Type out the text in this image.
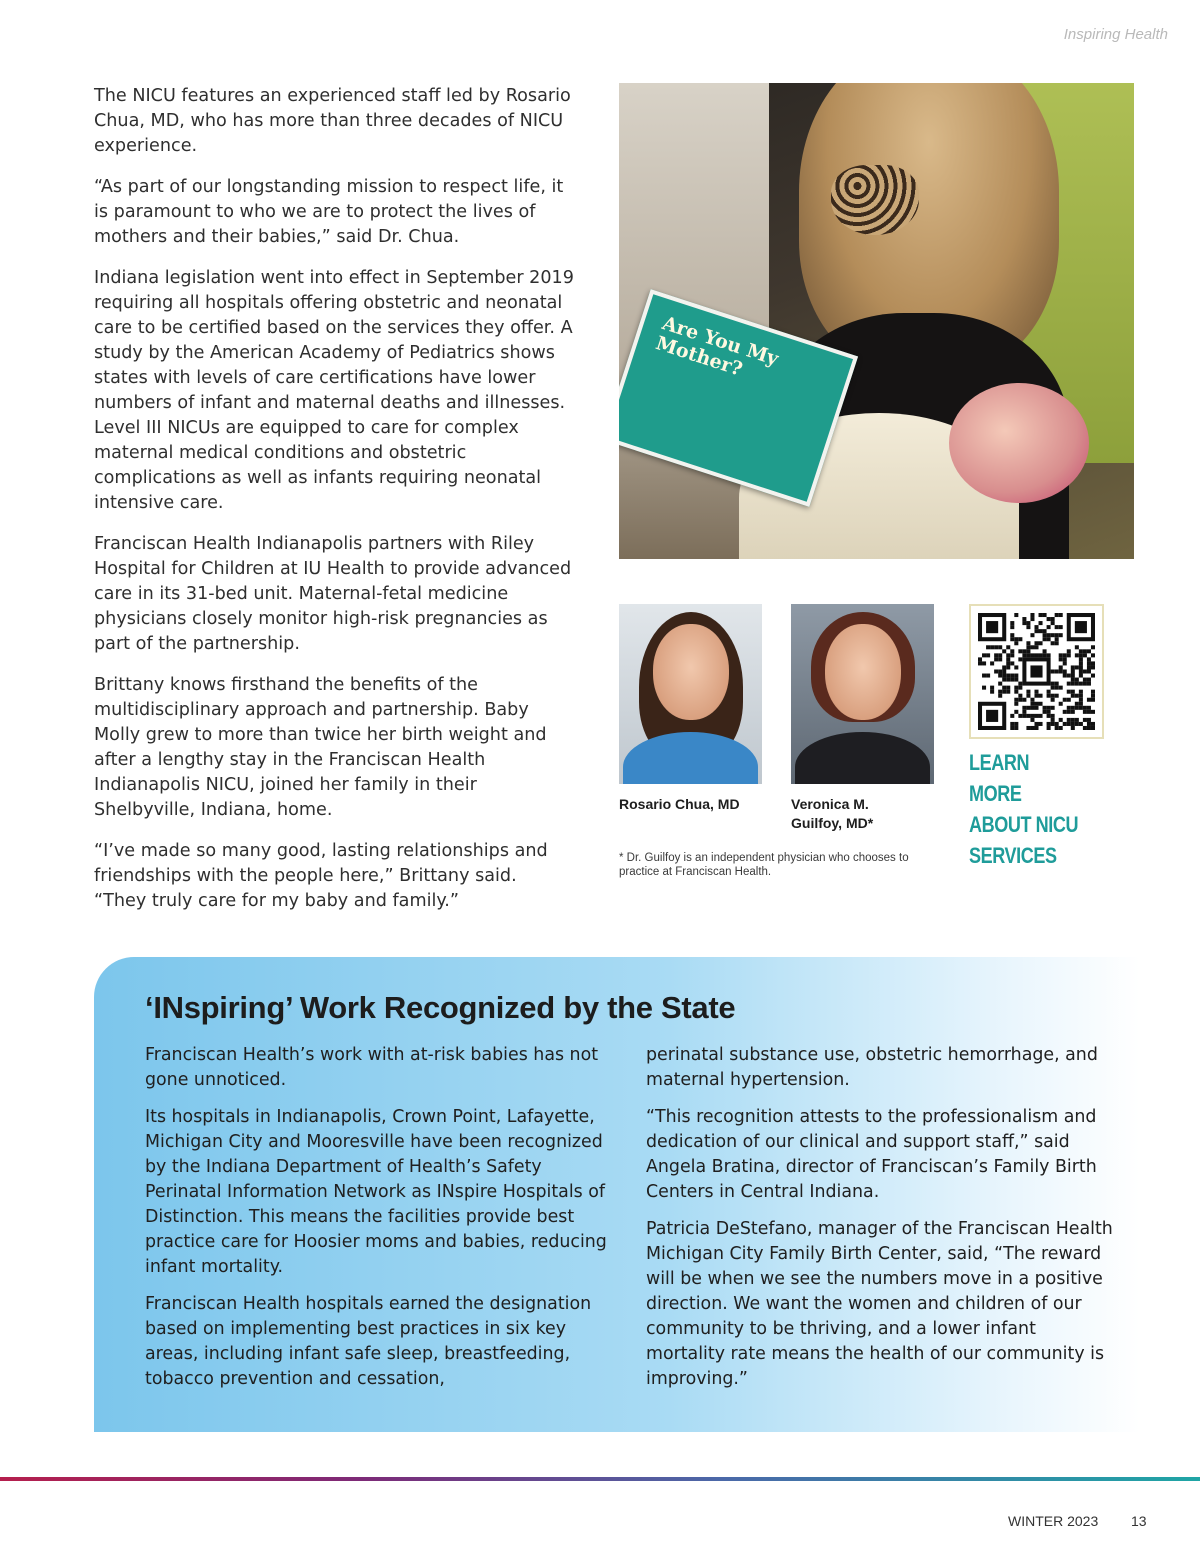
Inspiring Health

The NICU features an experienced staff led by Rosario Chua, MD, who has more than three decades of NICU experience.

“As part of our longstanding mission to respect life, it is paramount to who we are to protect the lives of mothers and their babies,” said Dr. Chua.

Indiana legislation went into effect in September 2019 requiring all hospitals offering obstetric and neonatal care to be certified based on the services they offer. A study by the American Academy of Pediatrics shows states with levels of care certifications have lower numbers of infant and maternal deaths and illnesses. Level III NICUs are equipped to care for complex maternal medical conditions and obstetric complications as well as infants requiring neonatal intensive care.

Franciscan Health Indianapolis partners with Riley Hospital for Children at IU Health to provide advanced care in its 31-bed unit. Maternal-fetal medicine physicians closely monitor high-risk pregnancies as part of the partnership.

Brittany knows firsthand the benefits of the multidisciplinary approach and partnership. Baby Molly grew to more than twice her birth weight and after a lengthy stay in the Franciscan Health Indianapolis NICU, joined her family in their Shelbyville, Indiana, home.

“I’ve made so many good, lasting relationships and friendships with the people here,” Brittany said. “They truly care for my baby and family.”

Are You My Mother?
Rosario Chua, MD	Veronica M. Guilfoy, MD*
* Dr. Guilfoy is an independent physician who chooses to practice at Franciscan Health.
LEARN MORE ABOUT NICU SERVICES
‘INspiring’ Work Recognized by the State

Franciscan Health’s work with at-risk babies has not gone unnoticed.

Its hospitals in Indianapolis, Crown Point, Lafayette, Michigan City and Mooresville have been recognized by the Indiana Department of Health’s Safety Perinatal Information Network as INspire Hospitals of Distinction. This means the facilities provide best practice care for Hoosier moms and babies, reducing infant mortality.

Franciscan Health hospitals earned the designation based on implementing best practices in six key areas, including infant safe sleep, breastfeeding, tobacco prevention and cessation,

perinatal substance use, obstetric hemorrhage, and maternal hypertension.

“This recognition attests to the professionalism and dedication of our clinical and support staff,” said Angela Bratina, director of Franciscan’s Family Birth Centers in Central Indiana.

Patricia DeStefano, manager of the Franciscan Health Michigan City Family Birth Center, said, “The reward will be when we see the numbers move in a positive direction. We want the women and children of our community to be thriving, and a lower infant mortality rate means the health of our community is improving.”

WINTER 2023 13
